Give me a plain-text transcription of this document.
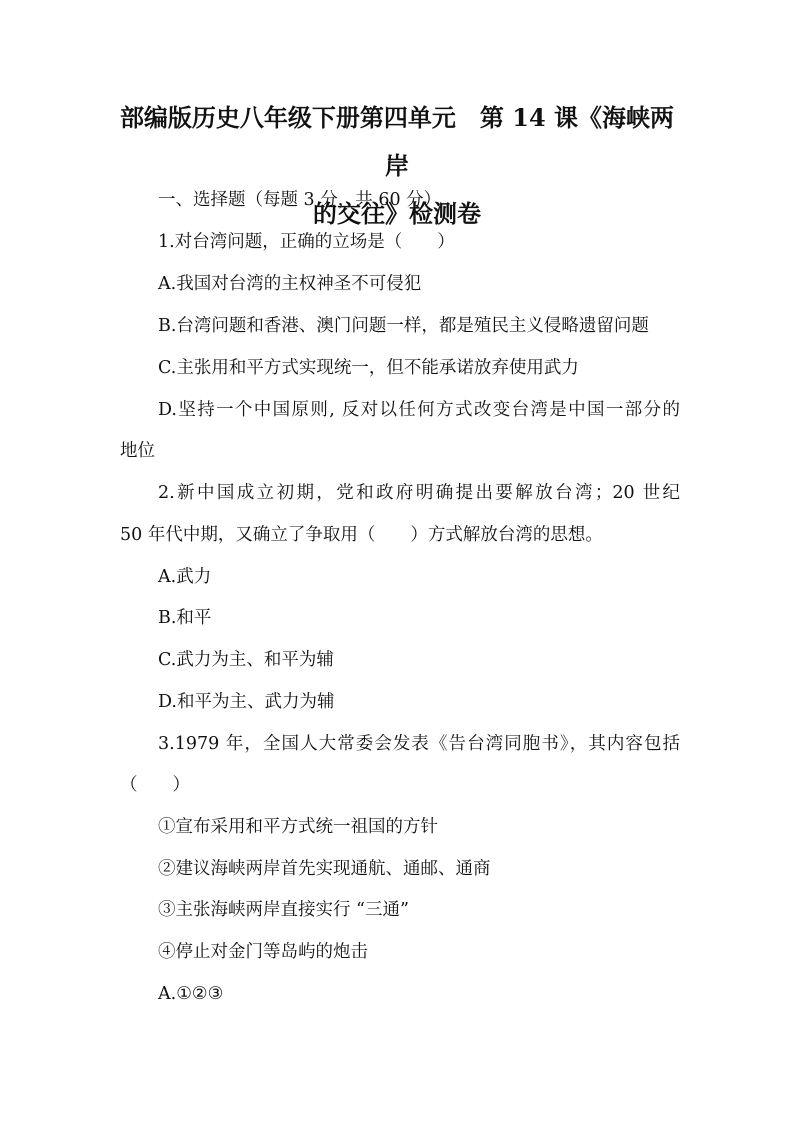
部编版历史八年级下册第四单元　第 14 课《海峡两岸
的交往》检测卷

一、选择题（每题 3 分，共 60 分）

1.对台湾问题，正确的立场是（　　）

A.我国对台湾的主权神圣不可侵犯

B.台湾问题和香港、澳门问题一样，都是殖民主义侵略遗留问题

C.主张用和平方式实现统一，但不能承诺放弃使用武力

D.坚持一个中国原则, 反对以任何方式改变台湾是中国一部分的

地位

2.新中国成立初期，党和政府明确提出要解放台湾；20 世纪

50 年代中期，又确立了争取用（　　）方式解放台湾的思想。

A.武力

B.和平

C.武力为主、和平为辅

D.和平为主、武力为辅

3.1979 年，全国人大常委会发表《告台湾同胞书》，其内容包括

（　　）

①宣布采用和平方式统一祖国的方针

②建议海峡两岸首先实现通航、通邮、通商

③主张海峡两岸直接实行 “三通”

④停止对金门等岛屿的炮击

A.①②③
